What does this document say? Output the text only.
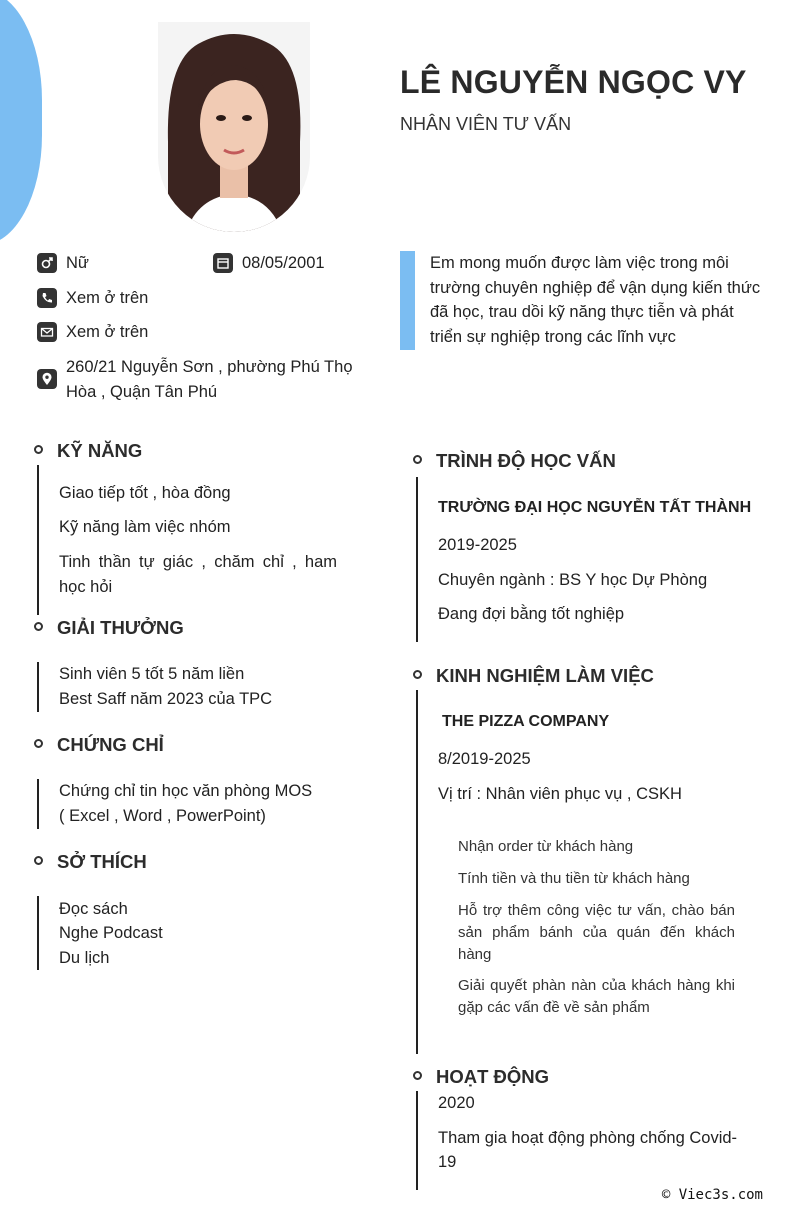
LÊ NGUYỄN NGỌC VY
NHÂN VIÊN TƯ VẤN
Nữ	08/05/2001
Xem ở trên
Xem ở trên
260/21 Nguyễn Sơn , phường Phú Thọ
Hòa , Quận Tân Phú
Em mong muốn được làm việc trong môi
trường chuyên nghiệp để vận dụng kiến thức
đã học, trau dồi kỹ năng thực tiễn và phát
triển sự nghiệp trong các lĩnh vực
KỸ NĂNG
Giao tiếp tốt , hòa đồng
Kỹ năng làm việc nhóm
Tinh thần tự giác , chăm chỉ , ham
học hỏi
GIẢI THƯỞNG
Sinh viên 5 tốt 5 năm liền
Best Saff năm 2023 của TPC
CHỨNG CHỈ
Chứng chỉ tin học văn phòng MOS
( Excel , Word , PowerPoint)
SỞ THÍCH
Đọc sách
Nghe Podcast
Du lịch
TRÌNH ĐỘ HỌC VẤN
TRƯỜNG ĐẠI HỌC NGUYỄN TẤT THÀNH
2019-2025
Chuyên ngành : BS Y học Dự Phòng
Đang đợi bằng tốt nghiệp
KINH NGHIỆM LÀM VIỆC
THE PIZZA COMPANY
8/2019-2025
Vị trí : Nhân viên phục vụ , CSKH
Nhận order từ khách hàng
Tính tiền và thu tiền từ khách hàng
Hỗ trợ thêm công việc tư vấn, chào bán sản phẩm bánh của quán đến khách hàng
Giải quyết phàn nàn của khách hàng khi gặp các vấn đề về sản phẩm
HOẠT ĐỘNG
2020
Tham gia hoạt động phòng chống Covid-
19
© Viec3s.com
